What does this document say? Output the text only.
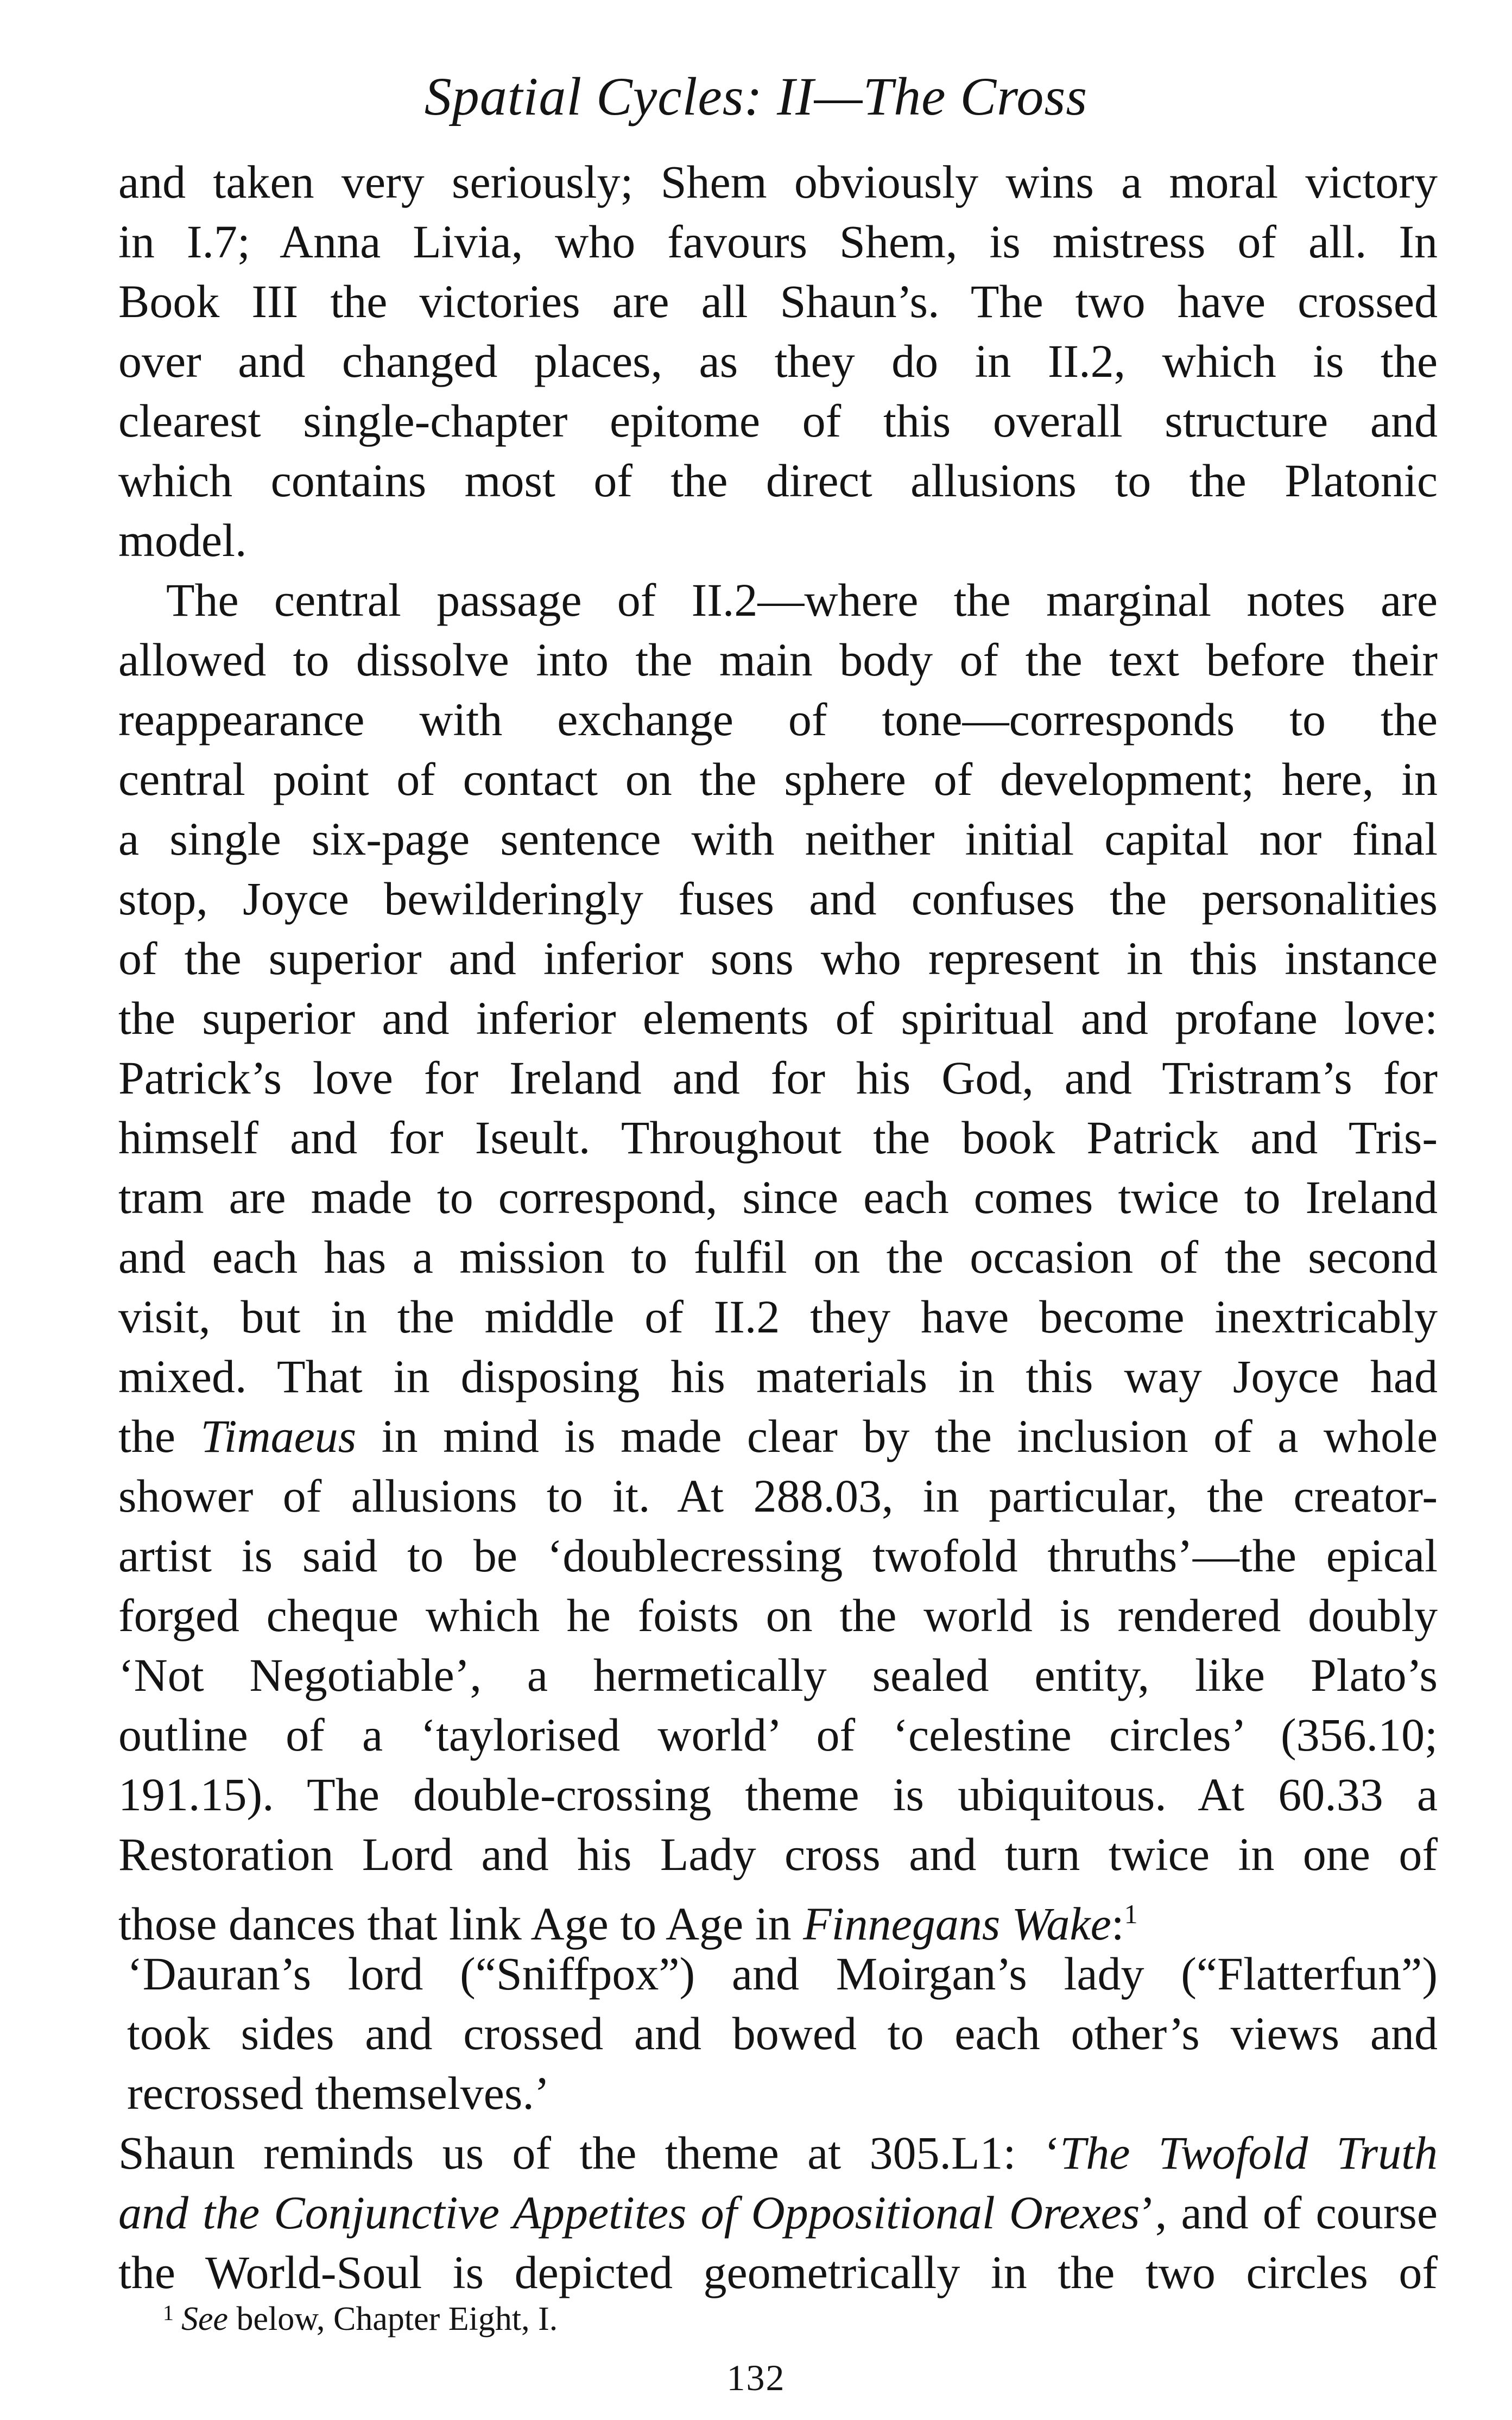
Spatial Cycles: II—The Cross
and taken very seriously; Shem obviously wins a moral victory
in I.7; Anna Livia, who favours Shem, is mistress of all. In
Book III the victories are all Shaun’s. The two have crossed
over and changed places, as they do in II.2, which is the
clearest single-chapter epitome of this overall structure and
which contains most of the direct allusions to the Platonic
model.
The central passage of II.2—where the marginal notes are
allowed to dissolve into the main body of the text before their
reappearance with exchange of tone—corresponds to the
central point of contact on the sphere of development; here, in
a single six-page sentence with neither initial capital nor final
stop, Joyce bewilderingly fuses and confuses the personalities
of the superior and inferior sons who represent in this instance
the superior and inferior elements of spiritual and profane love:
Patrick’s love for Ireland and for his God, and Tristram’s for
himself and for Iseult. Throughout the book Patrick and Tris-
tram are made to correspond, since each comes twice to Ireland
and each has a mission to fulfil on the occasion of the second
visit, but in the middle of II.2 they have become inextricably
mixed. That in disposing his materials in this way Joyce had
the Timaeus in mind is made clear by the inclusion of a whole
shower of allusions to it. At 288.03, in particular, the creator-
artist is said to be ‘doublecressing twofold thruths’—the epical
forged cheque which he foists on the world is rendered doubly
‘Not Negotiable’, a hermetically sealed entity, like Plato’s
outline of a ‘taylorised world’ of ‘celestine circles’ (356.10;
191.15). The double-crossing theme is ubiquitous. At 60.33 a
Restoration Lord and his Lady cross and turn twice in one of
those dances that link Age to Age in Finnegans Wake:$^1$
‘Dauran’s lord (“Sniffpox”) and Moirgan’s lady (“Flatterfun”)
took sides and crossed and bowed to each other’s views and
recrossed themselves.’
Shaun reminds us of the theme at 305.L1: ‘The Twofold Truth
and the Conjunctive Appetites of Oppositional Orexes’, and of course
the World-Soul is depicted geometrically in the two circles of
$^1$ See below, Chapter Eight, I.
132
